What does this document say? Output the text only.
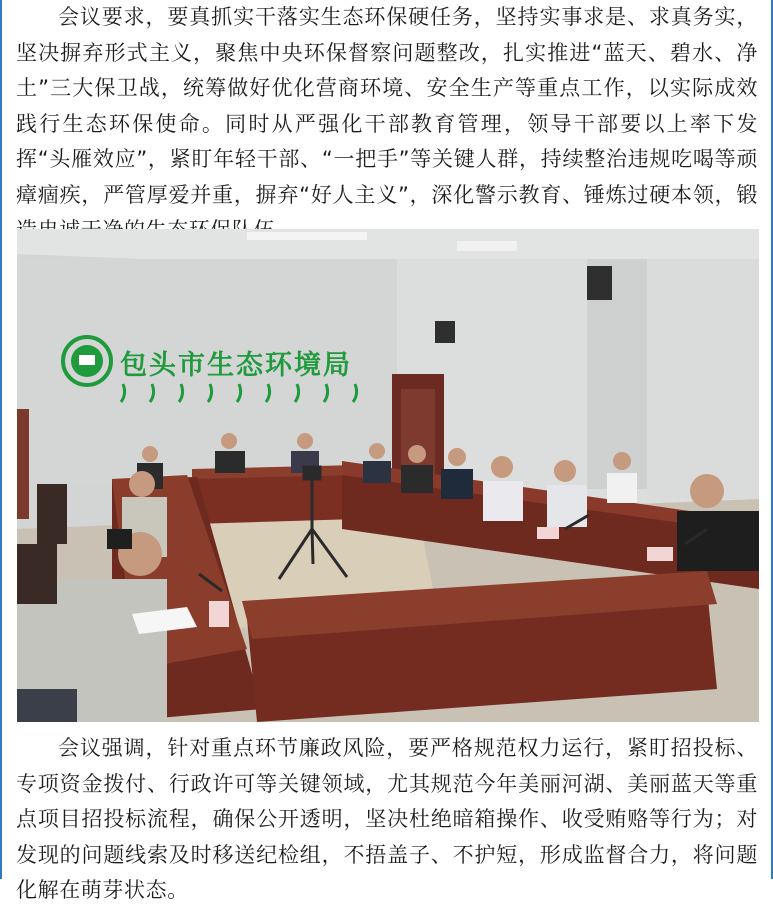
会议要求，要真抓实干落实生态环保硬任务，坚持实事求是、求真务实，坚决摒弃形式主义，聚焦中央环保督察问题整改，扎实推进“蓝天、碧水、净土”三大保卫战，统筹做好优化营商环境、安全生产等重点工作，以实际成效践行生态环保使命。同时从严强化干部教育管理，领导干部要以上率下发挥“头雁效应”，紧盯年轻干部、“一把手”等关键人群，持续整治违规吃喝等顽瘴痼疾，严管厚爱并重，摒弃“好人主义”，深化警示教育、锤炼过硬本领，锻

包头市生态环境局

会议强调，针对重点环节廉政风险，要严格规范权力运行，紧盯招投标、专项资金拨付、行政许可等关键领域，尤其规范今年美丽河湖、美丽蓝天等重点项目招投标流程，确保公开透明，坚决杜绝暗箱操作、收受贿赂等行为；对发现的问题线索及时移送纪检组，不捂盖子、不护短，形成监督合力，将问题化解在萌芽状态。
